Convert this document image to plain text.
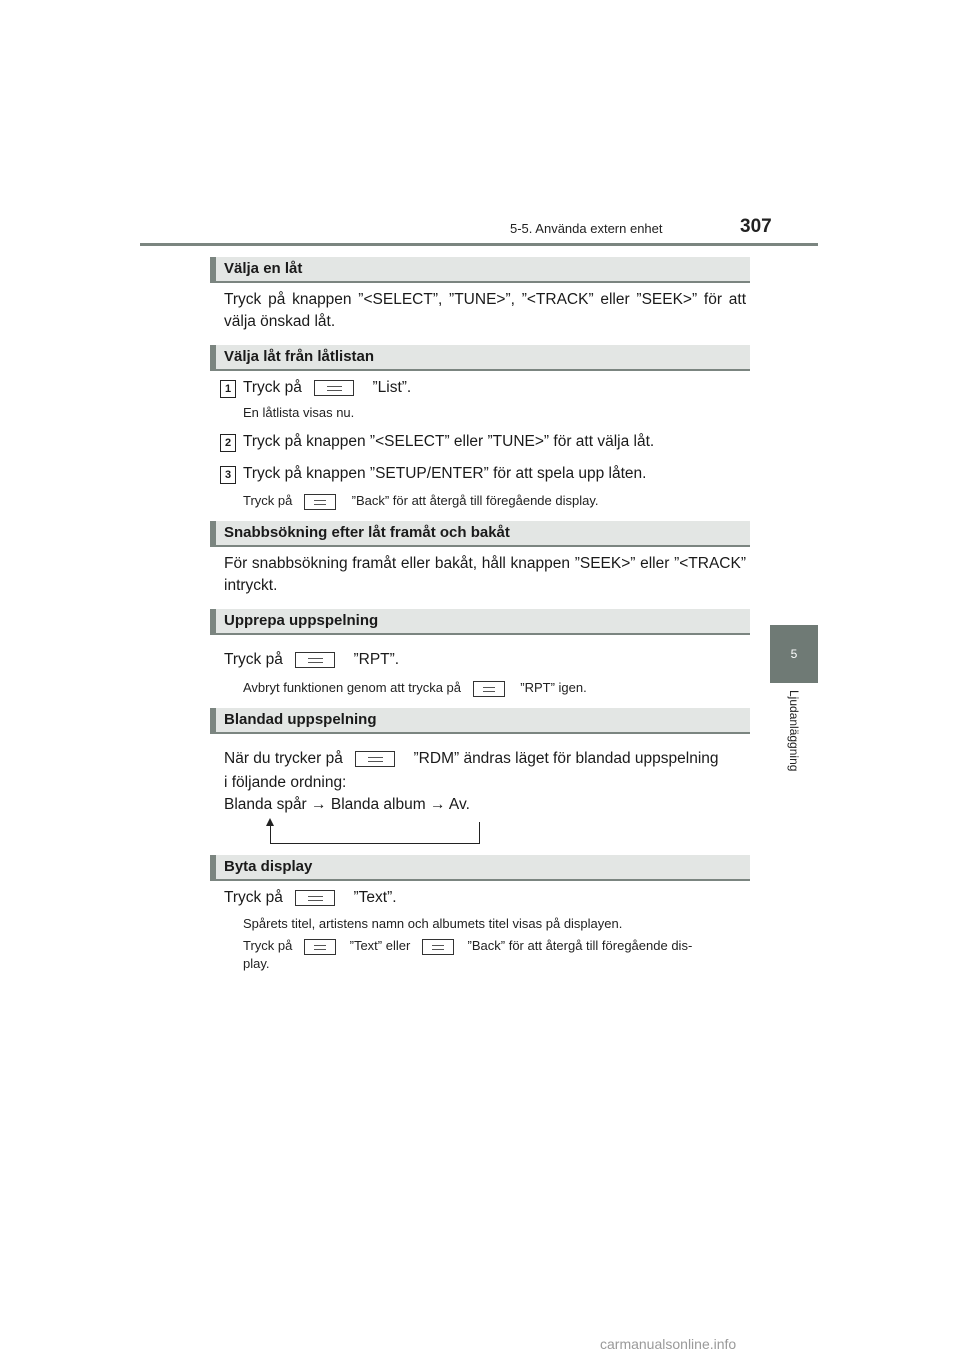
5-5. Använda extern enhet	307
5
Ljudanläggning
Välja en låt
Tryck på knappen ”<SELECT”, ”TUNE>”, ”<TRACK” eller ”SEEK>” för att välja önskad låt.
Välja låt från låtlistan
1 Tryck på	”List”.
En låtlista visas nu.
2 Tryck på knappen ”<SELECT” eller ”TUNE>” för att välja låt.
3 Tryck på knappen ”SETUP/ENTER” för att spela upp låten.
Tryck på	”Back” för att återgå till föregående display.
Snabbsökning efter låt framåt och bakåt
För snabbsökning framåt eller bakåt, håll knappen ”SEEK>” eller ”<TRACK” intryckt.
Upprepa uppspelning
Tryck på	”RPT”.
Avbryt funktionen genom att trycka på	”RPT” igen.
Blandad uppspelning
När du trycker på	”RDM” ändras läget för blandad uppspelning
i följande ordning:
Blanda spår → Blanda album → Av.
Byta display
Tryck på	”Text”.
Spårets titel, artistens namn och albumets titel visas på displayen.
Tryck på	”Text” eller	”Back” för att återgå till föregående dis-
play.
carmanualsonline.info
